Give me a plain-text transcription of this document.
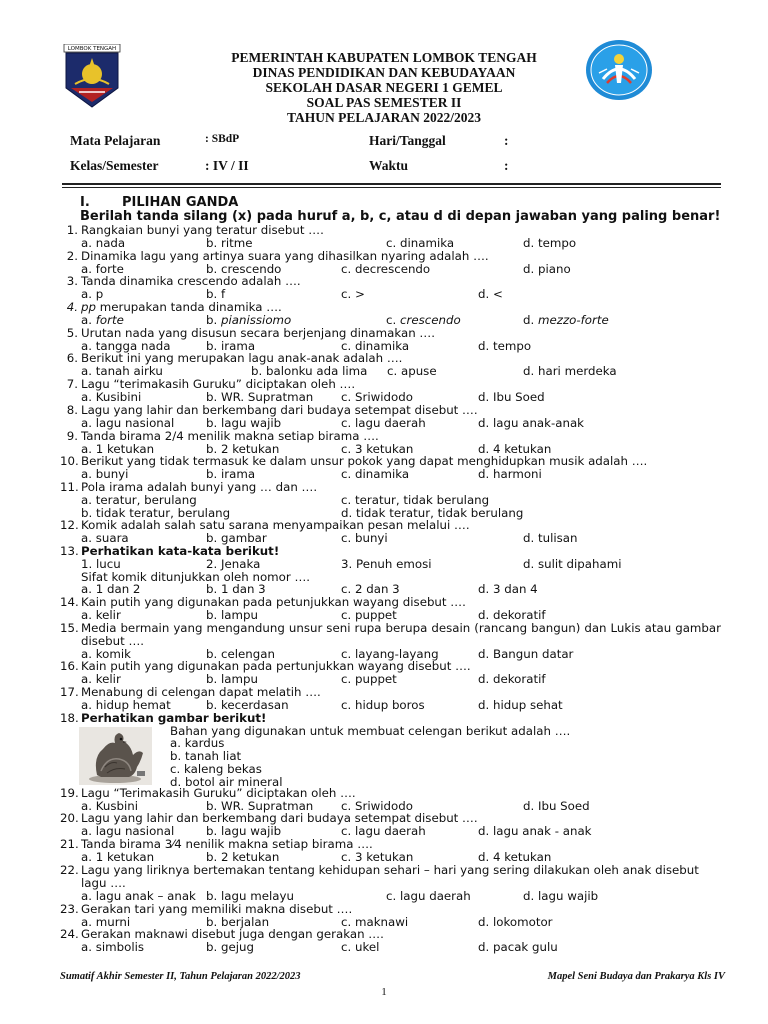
LOMBOK TENGAH
PEMERINTAH KABUPATEN LOMBOK TENGAH
DINAS PENDIDIKAN DAN KEBUDAYAAN
SEKOLAH DASAR NEGERI 1 GEMEL
SOAL PAS SEMESTER II
TAHUN PELAJARAN 2022/2023
Mata Pelajaran	: SBdP	Hari/Tanggal	:
Kelas/Semester	: IV / II	Waktu	:
I. PILIHAN GANDA
Berilah tanda silang (x) pada huruf a, b, c, atau d di depan jawaban yang paling benar!
1. Rangkaian bunyi yang teratur disebut ….
a. nada	b. ritme	c. dinamika	d. tempo
2. Dinamika lagu yang artinya suara yang dihasilkan nyaring adalah ….
a. forte	b. crescendo	c. decrescendo	d. piano
3. Tanda dinamika crescendo adalah ….
a. p	b. f	c. >	d. <
4. pp merupakan tanda dinamika ….
a. forte	b. pianissiomo	c. crescendo	d. mezzo-forte
5. Urutan nada yang disusun secara berjenjang dinamakan ….
a. tangga nada	b. irama	c. dinamika	d. tempo
6. Berikut ini yang merupakan lagu anak-anak adalah ….
a. tanah airku	b. balonku ada lima c. apuse	d. hari merdeka
7. Lagu “terimakasih Guruku” diciptakan oleh ….
a. Kusibini	b. WR. Supratman c. Sriwidodo	d. Ibu Soed
8. Lagu yang lahir dan berkembang dari budaya setempat disebut ….
a. lagu nasional	b. lagu wajib	c. lagu daerah	d. lagu anak-anak
9. Tanda birama 2/4 menilik makna setiap birama ….
a. 1 ketukan	b. 2 ketukan	c. 3 ketukan	d. 4 ketukan
10. Berikut yang tidak termasuk ke dalam unsur pokok yang dapat menghidupkan musik adalah ….
a. bunyi	b. irama	c. dinamika	d. harmoni
11. Pola irama adalah bunyi yang … dan ….
a. teratur, berulang	c. teratur, tidak berulang
b. tidak teratur, berulang	d. tidak teratur, tidak berulang
12. Komik adalah salah satu sarana menyampaikan pesan melalui ….
a. suara	b. gambar	c. bunyi	d. tulisan
13. Perhatikan kata-kata berikut!
1. lucu	2. Jenaka	3. Penuh emosi	d. sulit dipahami
Sifat komik ditunjukkan oleh nomor ….
a. 1 dan 2	b. 1 dan 3	c. 2 dan 3	d. 3 dan 4
14. Kain putih yang digunakan pada petunjukkan wayang disebut ….
a. kelir	b. lampu	c. puppet	d. dekoratif
15. Media bermain yang mengandung unsur seni rupa berupa desain (rancang bangun) dan Lukis atau gambar disebut ….
a. komik	b. celengan	c. layang-layang	d. Bangun datar
16. Kain putih yang digunakan pada pertunjukkan wayang disebut ….
a. kelir	b. lampu	c. puppet	d. dekoratif
17. Menabung di celengan dapat melatih ….
a. hidup hemat	b. kecerdasan	c. hidup boros	d. hidup sehat
18. Perhatikan gambar berikut!
Bahan yang digunakan untuk membuat celengan berikut adalah ….
a. kardus
b. tanah liat
c. kaleng bekas
d. botol air mineral
19. Lagu “Terimakasih Guruku” diciptakan oleh ….
a. Kusbini	b. WR. Supratman c. Sriwidodo	d. Ibu Soed
20. Lagu yang lahir dan berkembang dari budaya setempat disebut ….
a. lagu nasional	b. lagu wajib	c. lagu daerah	d. lagu anak - anak
21. Tanda birama 3⁄4 nenilik makna setiap birama ….
a. 1 ketukan	b. 2 ketukan	c. 3 ketukan	d. 4 ketukan
22. Lagu yang liriknya bertemakan tentang kehidupan sehari – hari yang sering dilakukan oleh anak disebut lagu ….
a. lagu anak – anak b. lagu melayu	c. lagu daerah	d. lagu wajib
23. Gerakan tari yang memiliki makna disebut ….
a. murni	b. berjalan	c. maknawi	d. lokomotor
24. Gerakan maknawi disebut juga dengan gerakan ….
a. simbolis	b. gejug	c. ukel	d. pacak gulu
Sumatif Akhir Semester II, Tahun Pelajaran 2022/2023	Mapel Seni Budaya dan Prakarya Kls IV
1
